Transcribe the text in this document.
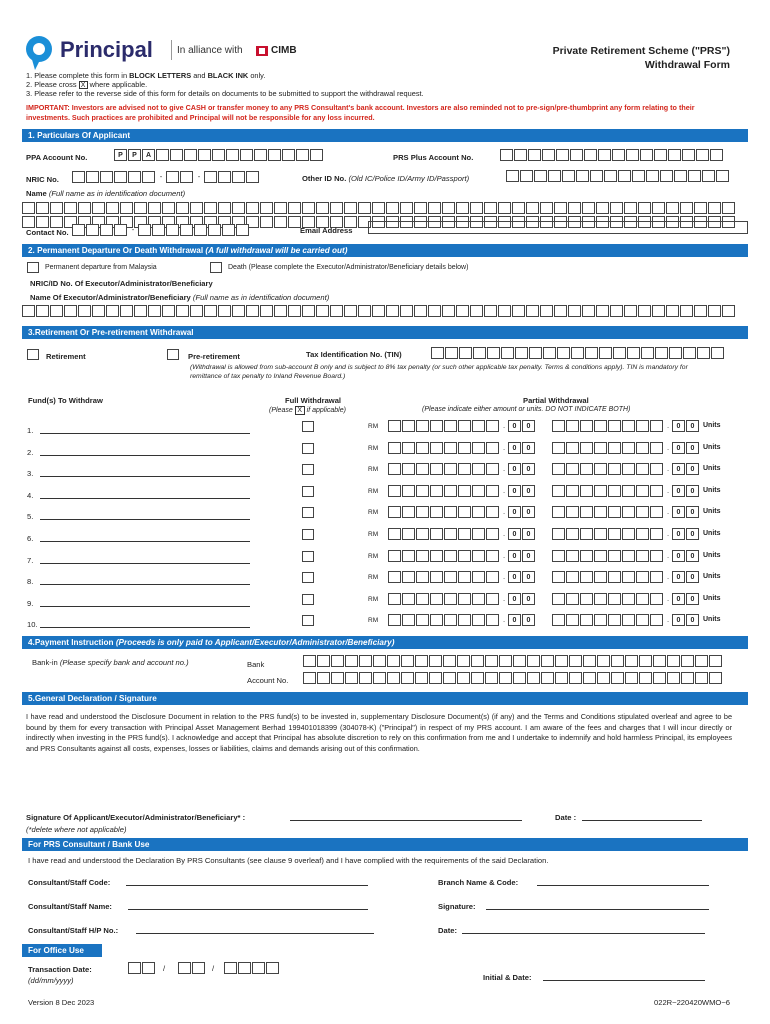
Principal In alliance with	CIMB	Private Retirement Scheme ("PRS")
Withdrawal Form
1. Please complete this form in BLOCK LETTERS and BLACK INK only.
2. Please cross X where applicable.
3. Please refer to the reverse side of this form for details on documents to be submitted to support the withdrawal request.
IMPORTANT: Investors are advised not to give CASH or transfer money to any PRS Consultant's bank account. Investors are also reminded not to pre-sign/pre-thumbprint any form relating to their investments. Such practices are prohibited and Principal will not be responsible for any loss incurred.
1. Particulars Of Applicant
PPA Account No.	P	P	A	PRS Plus Account No.
NRIC No.	-	-	Other ID No. (Old IC/Police ID/Army ID/Passport)
Name (Full name as in identification document)
Contact No.	-	Email Address
2. Permanent Departure Or Death Withdrawal (A full withdrawal will be carried out)
Permanent departure from Malaysia	Death (Please complete the Executor/Administrator/Beneficiary details below)
NRIC/ID No. Of Executor/Administrator/Beneficiary
Name Of Executor/Administrator/Beneficiary (Full name as in identification document)
3.Retirement Or Pre-retirement Withdrawal
Retirement	Pre-retirement	Tax Identification No. (TIN)
(Withdrawal is allowed from sub-account B only and is subject to 8% tax penalty (or such other applicable tax penalty. Terms & conditions apply). TIN is mandatory for remittance of tax penalty to Inland Revenue Board.)
Fund(s) To Withdraw	Full Withdrawal
(Please X if applicable)
Partial Withdrawal
(Please indicate either amount or units. DO NOT INDICATE BOTH)
1.	RM	.	0	0	.	0	0	Units
2.	RM	.	0	0	.	0	0	Units
3.	RM	.	0	0	.	0	0	Units
4.	RM	.	0	0	.	0	0	Units
5.	RM	.	0	0	.	0	0	Units
6.	RM	.	0	0	.	0	0	Units
7.	RM	.	0	0	.	0	0	Units
8.	RM	.	0	0	.	0	0	Units
9.	RM	.	0	0	.	0	0	Units
10.	RM	.	0	0	.	0	0	Units
4.Payment Instruction (Proceeds is only paid to Applicant/Executor/Administrator/Beneficiary)
Bank-in (Please specify bank and account no.)	Bank
Account No.
5.General Declaration / Signature
I have read and understood the Disclosure Document in relation to the PRS fund(s) to be invested in, supplementary Disclosure Document(s) (if any) and the Terms and Conditions stipulated overleaf and agree to be bound by them for every transaction with Principal Asset Management Berhad 199401018399 (304078-K) ("Principal") in respect of my PRS account. I am aware of the fees and charges that I will incur directly or indirectly when investing in the PRS fund(s). I acknowledge and accept that Principal has absolute discretion to rely on this confirmation from me and I undertake to indemnify and hold harmless Principal, its employees and PRS Consultants against all costs, expenses, losses or liabilities, claims and demands arising out of this confirmation.
Signature Of Applicant/Executor/Administrator/Beneficiary* :	Date :
(*delete where not applicable)
For PRS Consultant / Bank Use
I have read and understood the Declaration By PRS Consultants (see clause 9 overleaf) and I have complied with the requirements of the said Declaration.
Consultant/Staff Code:	Branch Name & Code:
Consultant/Staff Name:	Signature:
Consultant/Staff H/P No.:	Date:
For Office Use
Transaction Date:
(dd/mm/yyyy)
/	/
Initial & Date:
Version 8 Dec 2023	022R~220420WMO~6
